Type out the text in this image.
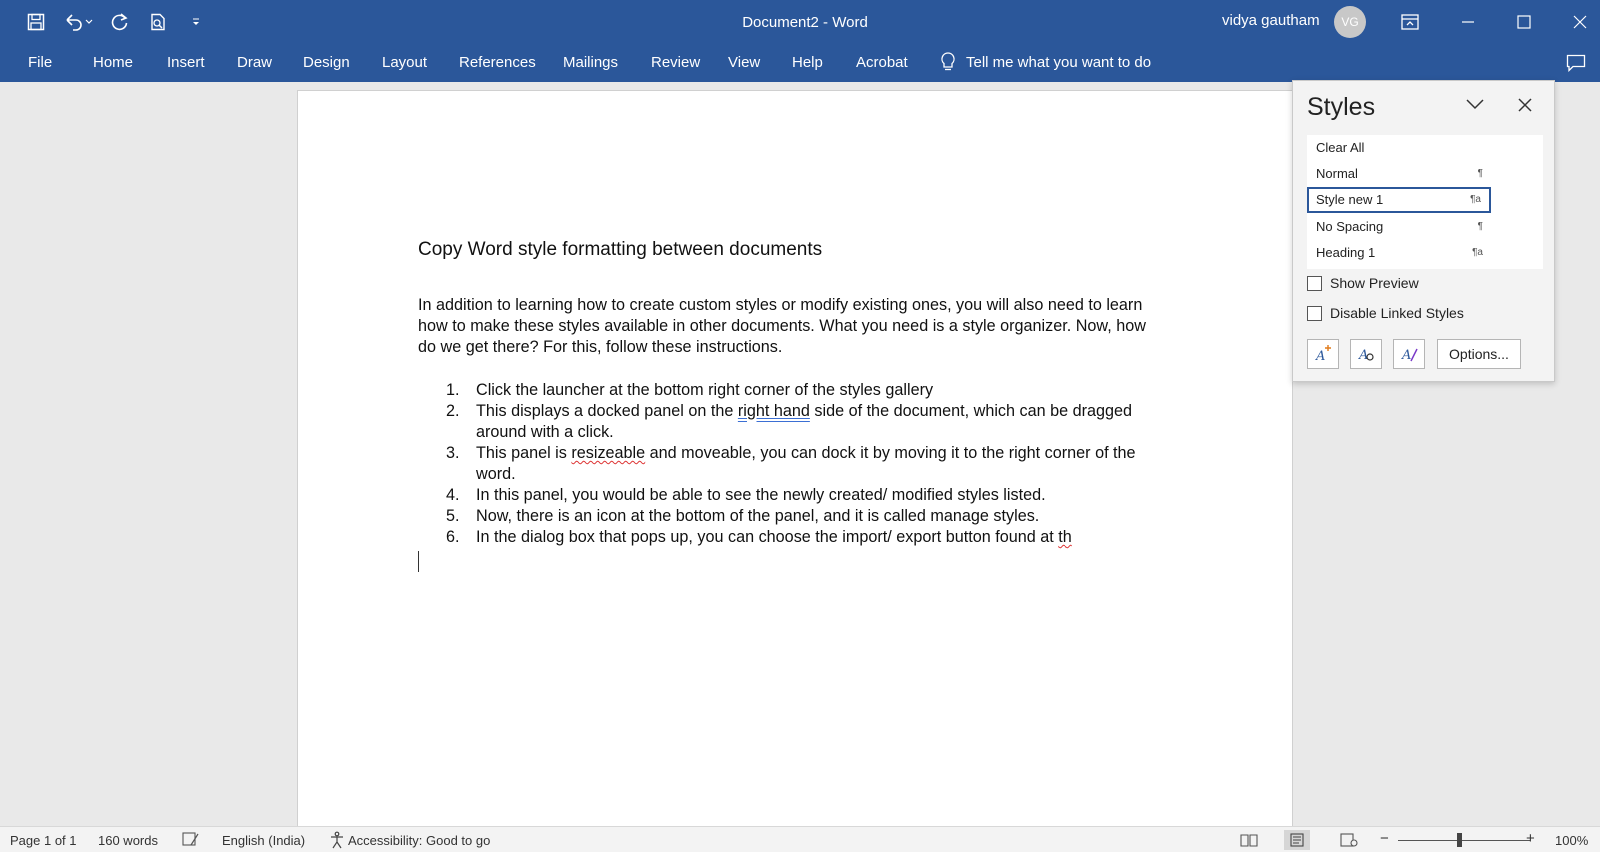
Document2 - Word	vidya gautham	VG
File	Home Insert Draw Design Layout References Mailings Review View Help Acrobat	Tell me what you want to do
Copy Word style formatting between documents
In addition to learning how to create custom styles or modify existing ones, you will also need to learn how to make these styles available in other documents. What you need is a style organizer. Now, how do we get there? For this, follow these instructions.
1.	Click the launcher at the bottom right corner of the styles gallery
2.	This displays a docked panel on the right hand side of the document, which can be dragged around with a click.
3.	This panel is resizeable and moveable, you can dock it by moving it to the right corner of the word.
4.	In this panel, you would be able to see the newly created/ modified styles listed.
5.	Now, there is an icon at the bottom of the panel, and it is called manage styles.
6.	In the dialog box that pops up, you can choose the import/ export button found at th
Styles
Clear All
Normal	¶
Style new 1	¶a
No Spacing	¶
Heading 1	¶a
Show Preview
Disable Linked Styles
A	A	A	Options...
Page 1 of 1 160 words	English (India)	Accessibility: Good to go	−	+ 100%
